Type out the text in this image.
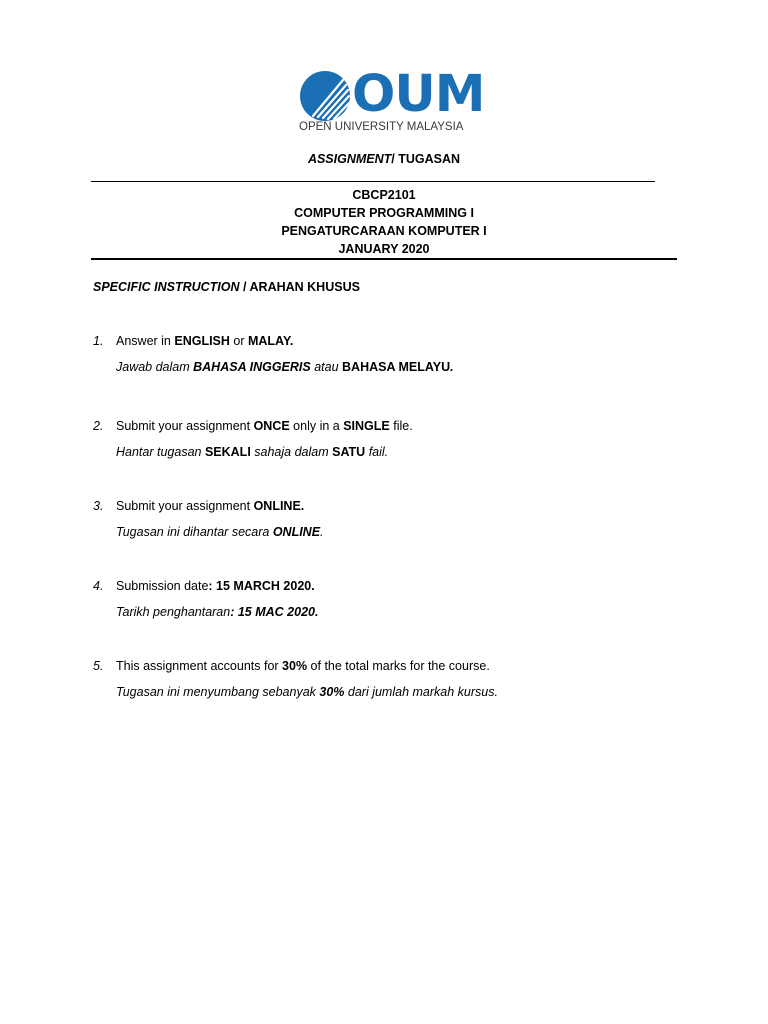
OUM
OPEN UNIVERSITY MALAYSIA
ASSIGNMENT/ TUGASAN
CBCP2101
COMPUTER PROGRAMMING I
PENGATURCARAAN KOMPUTER I
JANUARY 2020
SPECIFIC INSTRUCTION / ARAHAN KHUSUS
1. Answer in ENGLISH or MALAY.
Jawab dalam BAHASA INGGERIS atau BAHASA MELAYU.
2. Submit your assignment ONCE only in a SINGLE file.
Hantar tugasan SEKALI sahaja dalam SATU fail.
3. Submit your assignment ONLINE.
Tugasan ini dihantar secara ONLINE.
4. Submission date: 15 MARCH 2020.
Tarikh penghantaran: 15 MAC 2020.
5. This assignment accounts for 30% of the total marks for the course.
Tugasan ini menyumbang sebanyak 30% dari jumlah markah kursus.
